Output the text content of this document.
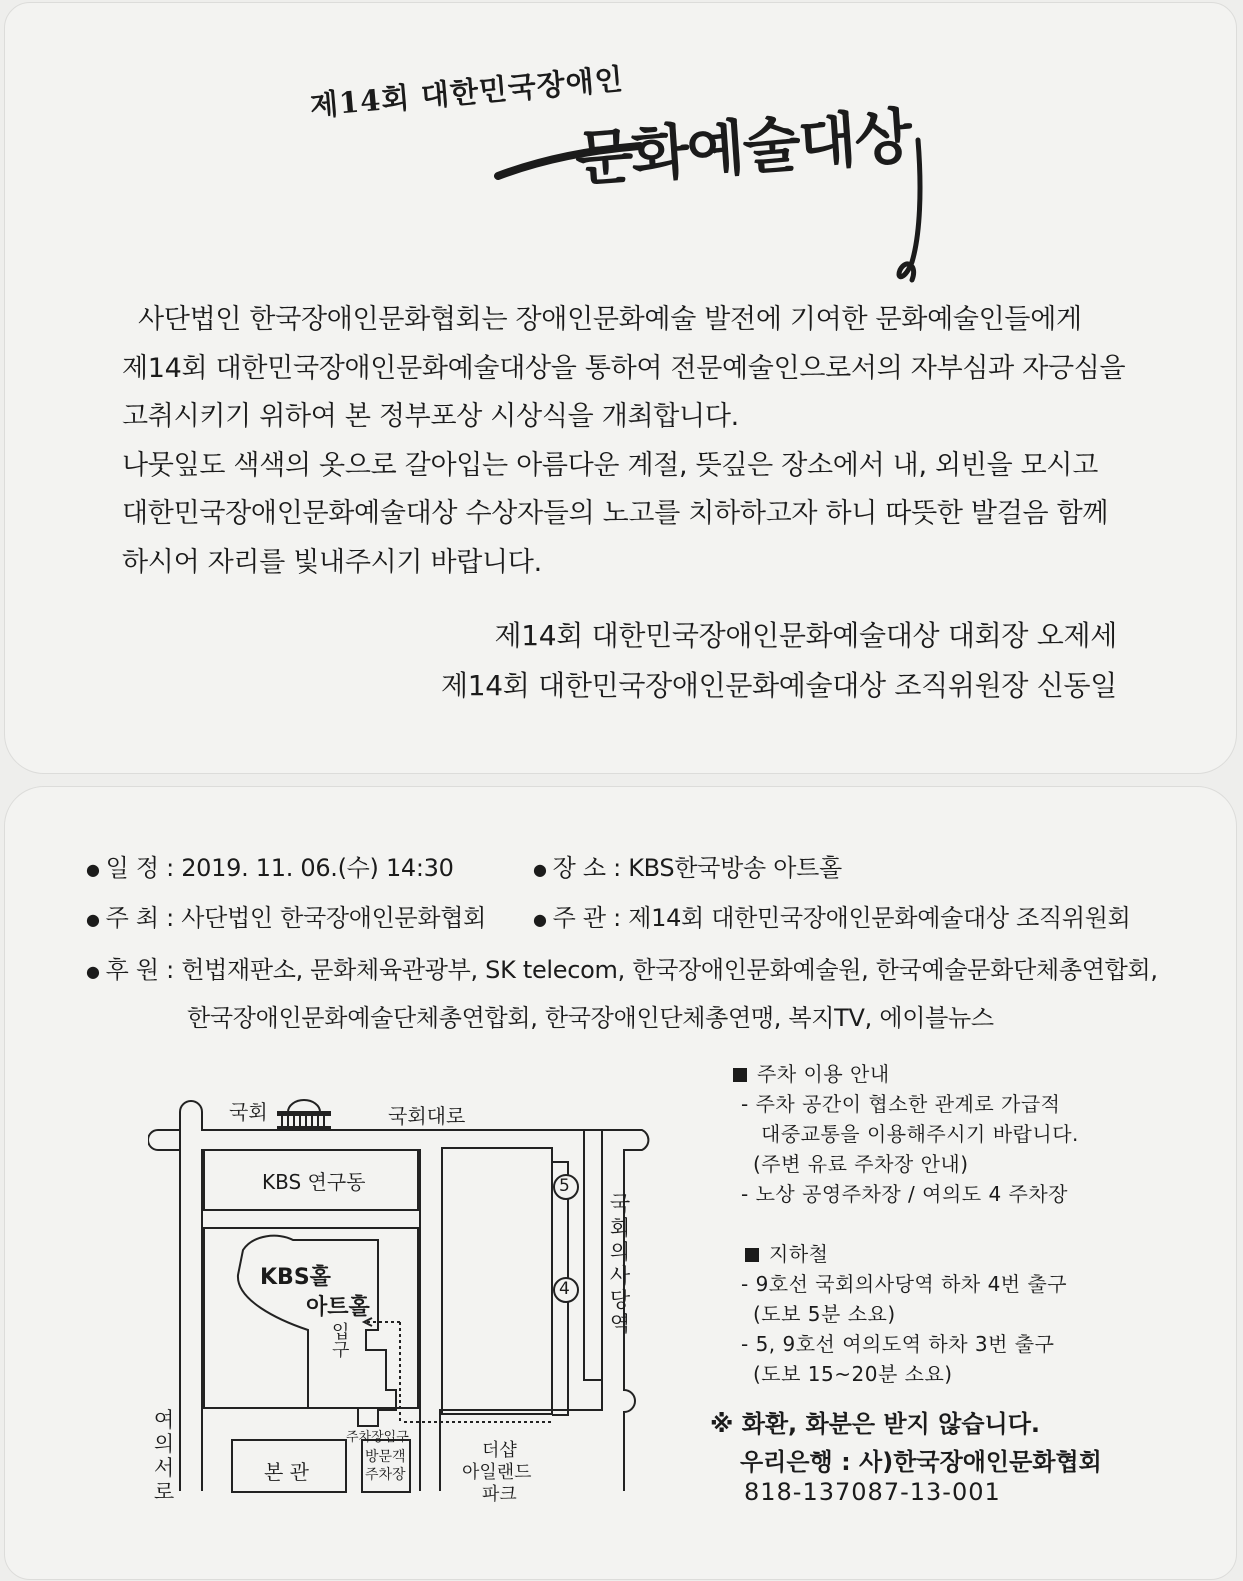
제14회 대한민국장애인
문화예술대상

사단법인 한국장애인문화협회는 장애인문화예술 발전에 기여한 문화예술인들에게

제14회 대한민국장애인문화예술대상을 통하여 전문예술인으로서의 자부심과 자긍심을

고취시키기 위하여 본 정부포상 시상식을 개최합니다.

나뭇잎도 색색의 옷으로 갈아입는 아름다운 계절, 뜻깊은 장소에서 내, 외빈을 모시고

대한민국장애인문화예술대상 수상자들의 노고를 치하하고자 하니 따뜻한 발걸음 함께

하시어 자리를 빛내주시기 바랍니다.

제14회 대한민국장애인문화예술대상 대회장 오제세
제14회 대한민국장애인문화예술대상 조직위원장 신동일
● 일 정 : 2019. 11. 06.(수) 14:30	● 장 소 : KBS한국방송 아트홀
● 주 최 : 사단법인 한국장애인문화협회	● 주 관 : 제14회 대한민국장애인문화예술대상 조직위원회
● 후 원 : 헌법재판소, 문화체육관광부, SK telecom, 한국장애인문화예술원, 한국예술문화단체총연합회,
한국장애인문화예술단체총연합회, 한국장애인단체총연맹, 복지TV, 에이블뉴스
국회	국회대로
KBS 연구동
KBS홀
아트홀
입
구
주차장입구
방문객
주차장
본 관
더샵
아일랜드
파크
5
4
여
의
서
로
국
회
의
사
당
역
주차 이용 안내
- 주차 공간이 협소한 관계로 가급적
대중교통을 이용해주시기 바랍니다.
(주변 유료 주차장 안내)
- 노상 공영주차장 / 여의도 4 주차장
지하철
- 9호선 국회의사당역 하차 4번 출구
(도보 5분 소요)
- 5, 9호선 여의도역 하차 3번 출구
(도보 15~20분 소요)
※ 화환, 화분은 받지 않습니다.
우리은행 : 사)한국장애인문화협회
818-137087-13-001
